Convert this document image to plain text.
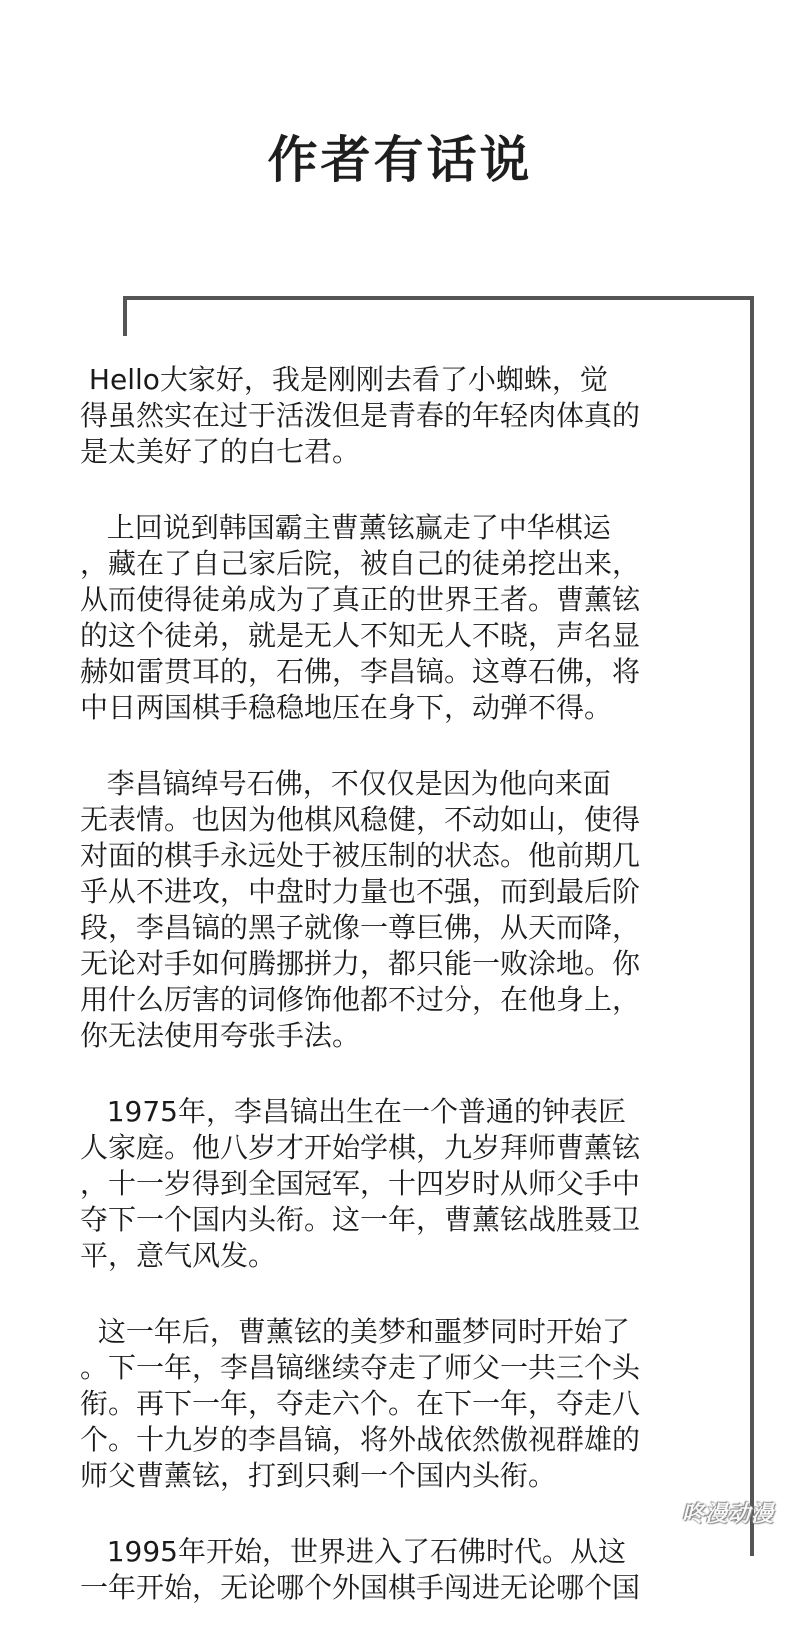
作者有话说

Hello大家好，我是刚刚去看了小蜘蛛，觉
得虽然实在过于活泼但是青春的年轻肉体真的
是太美好了的白七君。

上回说到韩国霸主曹薰铉赢走了中华棋运
，藏在了自己家后院，被自己的徒弟挖出来，
从而使得徒弟成为了真正的世界王者。曹薰铉
的这个徒弟，就是无人不知无人不晓，声名显
赫如雷贯耳的，石佛，李昌镐。这尊石佛，将
中日两国棋手稳稳地压在身下，动弹不得。

李昌镐绰号石佛，不仅仅是因为他向来面
无表情。也因为他棋风稳健，不动如山，使得
对面的棋手永远处于被压制的状态。他前期几
乎从不进攻，中盘时力量也不强，而到最后阶
段，李昌镐的黑子就像一尊巨佛，从天而降，
无论对手如何腾挪拼力，都只能一败涂地。你
用什么厉害的词修饰他都不过分，在他身上，
你无法使用夸张手法。

1975年，李昌镐出生在一个普通的钟表匠
人家庭。他八岁才开始学棋，九岁拜师曹薰铉
，十一岁得到全国冠军，十四岁时从师父手中
夺下一个国内头衔。这一年，曹薰铉战胜聂卫
平，意气风发。

这一年后，曹薰铉的美梦和噩梦同时开始了
。下一年，李昌镐继续夺走了师父一共三个头
衔。再下一年，夺走六个。在下一年，夺走八
个。十九岁的李昌镐，将外战依然傲视群雄的
师父曹薰铉，打到只剩一个国内头衔。

1995年开始，世界进入了石佛时代。从这
一年开始，无论哪个外国棋手闯进无论哪个国

咚漫动漫
